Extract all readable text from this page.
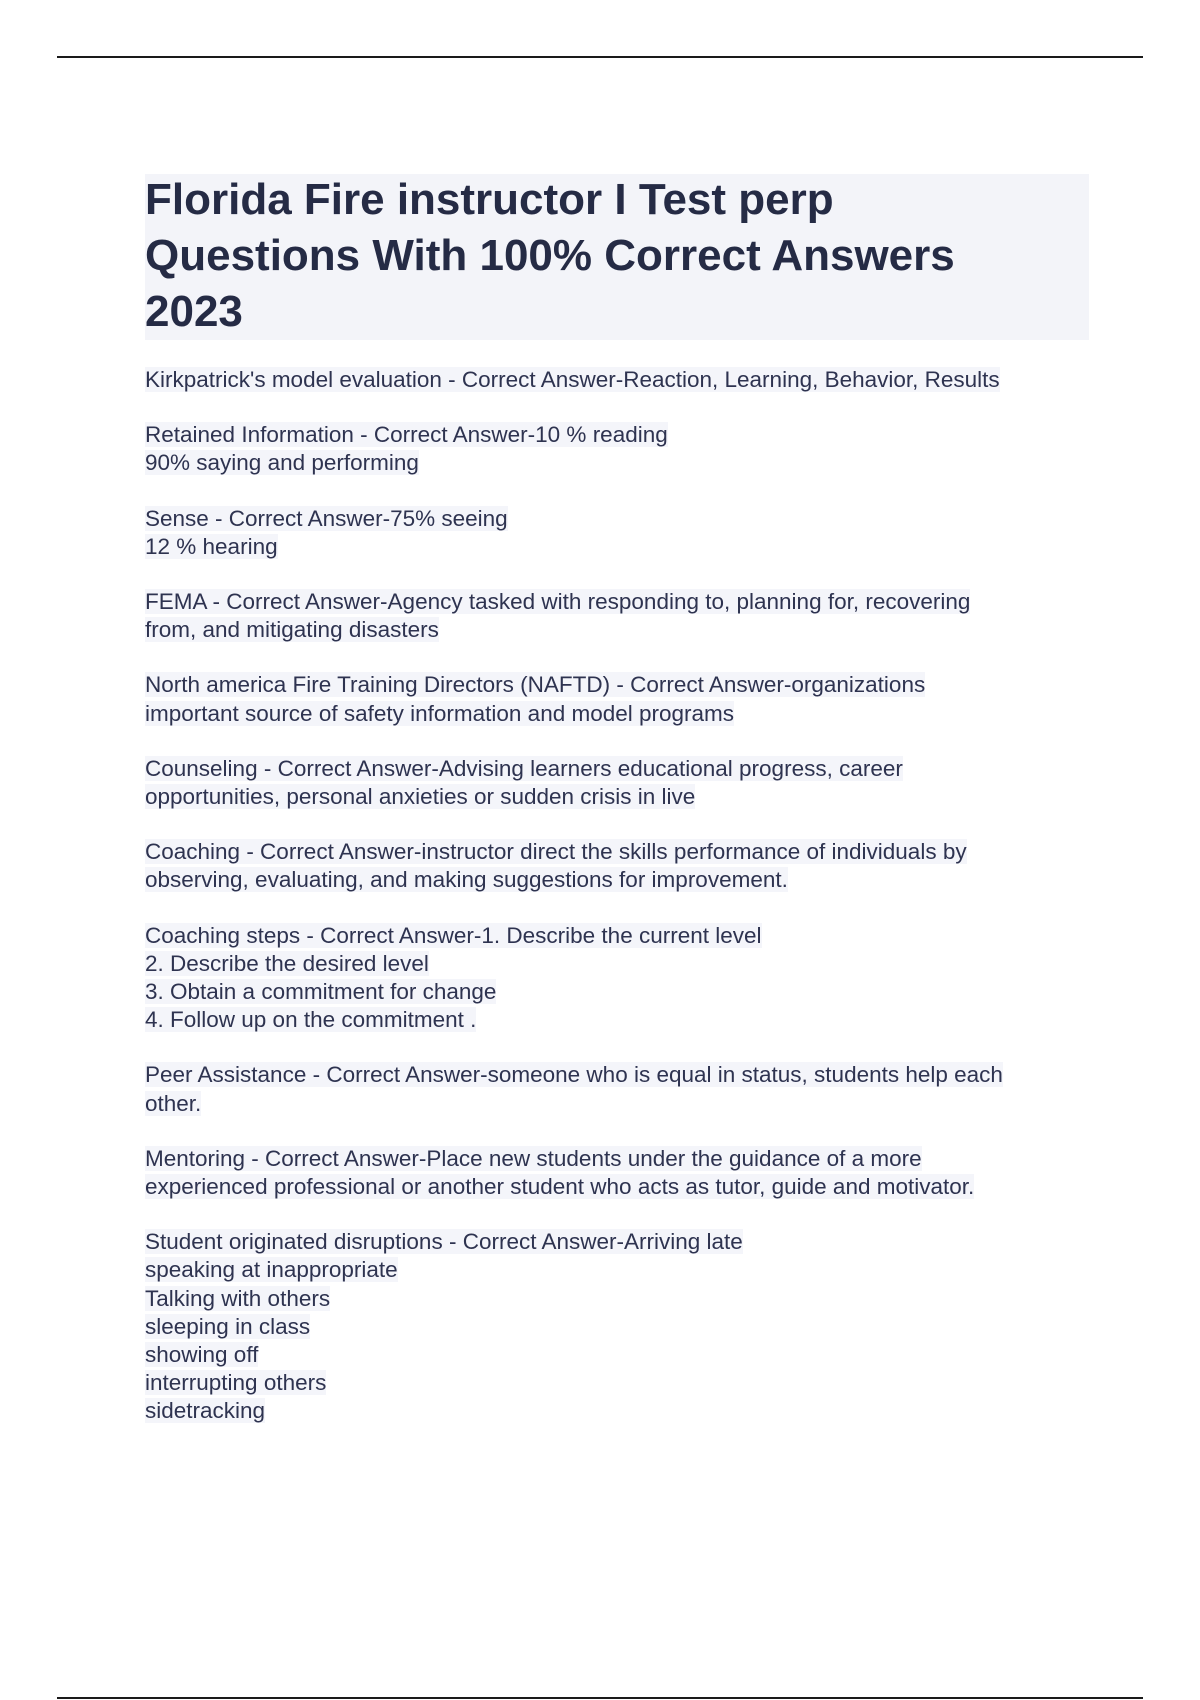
Florida Fire instructor I Test perp
Questions With 100% Correct Answers
2023
Kirkpatrick's model evaluation - Correct Answer-Reaction, Learning, Behavior, Results
Retained Information - Correct Answer-10 % reading
90% saying and performing
Sense - Correct Answer-75% seeing
12 % hearing
FEMA - Correct Answer-Agency tasked with responding to, planning for, recovering
from, and mitigating disasters
North america Fire Training Directors (NAFTD) - Correct Answer-organizations
important source of safety information and model programs
Counseling - Correct Answer-Advising learners educational progress, career
opportunities, personal anxieties or sudden crisis in live
Coaching - Correct Answer-instructor direct the skills performance of individuals by
observing, evaluating, and making suggestions for improvement.
Coaching steps - Correct Answer-1. Describe the current level
2. Describe the desired level
3. Obtain a commitment for change
4. Follow up on the commitment .
Peer Assistance - Correct Answer-someone who is equal in status, students help each
other.
Mentoring - Correct Answer-Place new students under the guidance of a more
experienced professional or another student who acts as tutor, guide and motivator.
Student originated disruptions - Correct Answer-Arriving late
speaking at inappropriate
Talking with others
sleeping in class
showing off
interrupting others
sidetracking
